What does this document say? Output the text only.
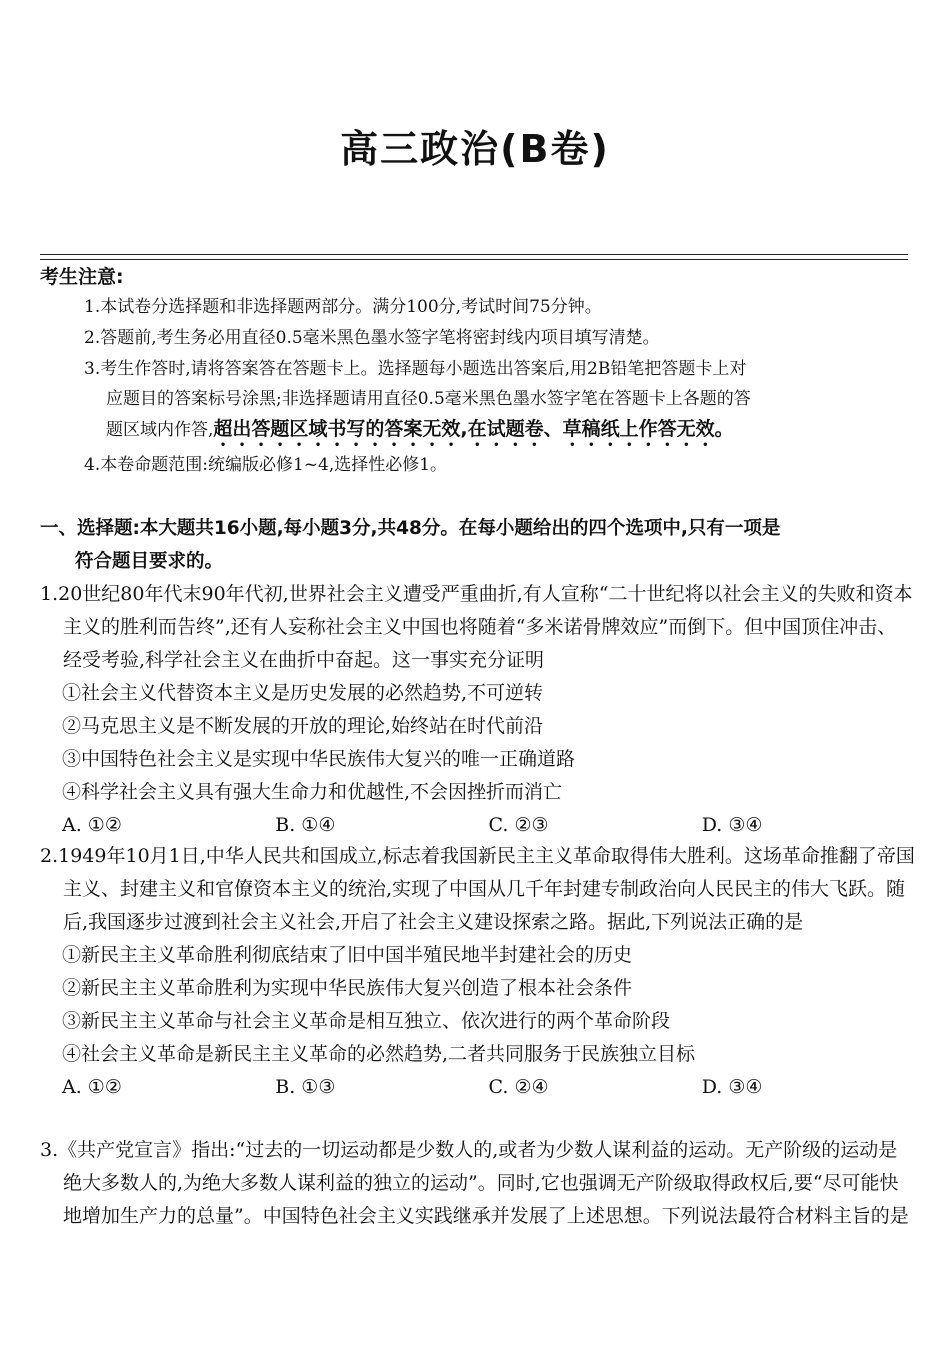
高三政治(B卷)
考生注意:
1.本试卷分选择题和非选择题两部分。满分100分,考试时间75分钟。
2.答题前,考生务必用直径0.5毫米黑色墨水签字笔将密封线内项目填写清楚。
3.考生作答时,请将答案答在答题卡上。选择题每小题选出答案后,用2B铅笔把答题卡上对
应题目的答案标号涂黑;非选择题请用直径0.5毫米黑色墨水签字笔在答题卡上各题的答
题区域内作答,超出答题区域书写的答案无效,在试题卷、草稿纸上作答无效。
4.本卷命题范围:统编版必修1~4,选择性必修1。
一、选择题:本大题共16小题,每小题3分,共48分。在每小题给出的四个选项中,只有一项是
符合题目要求的。
1.20世纪80年代末90年代初,世界社会主义遭受严重曲折,有人宣称“二十世纪将以社会主义的失败和资本主义的胜利而告终”,还有人妄称社会主义中国也将随着“多米诺骨牌效应”而倒下。但中国顶住冲击、经受考验,科学社会主义在曲折中奋起。这一事实充分证明
①社会主义代替资本主义是历史发展的必然趋势,不可逆转
②马克思主义是不断发展的开放的理论,始终站在时代前沿
③中国特色社会主义是实现中华民族伟大复兴的唯一正确道路
④科学社会主义具有强大生命力和优越性,不会因挫折而消亡
A. ①②	B. ①④	C. ②③	D. ③④
2.1949年10月1日,中华人民共和国成立,标志着我国新民主主义革命取得伟大胜利。这场革命推翻了帝国主义、封建主义和官僚资本主义的统治,实现了中国从几千年封建专制政治向人民民主的伟大飞跃。随后,我国逐步过渡到社会主义社会,开启了社会主义建设探索之路。据此,下列说法正确的是
①新民主主义革命胜利彻底结束了旧中国半殖民地半封建社会的历史
②新民主主义革命胜利为实现中华民族伟大复兴创造了根本社会条件
③新民主主义革命与社会主义革命是相互独立、依次进行的两个革命阶段
④社会主义革命是新民主主义革命的必然趋势,二者共同服务于民族独立目标
A. ①②	B. ①③	C. ②④	D. ③④
3.《共产党宣言》指出:“过去的一切运动都是少数人的,或者为少数人谋利益的运动。无产阶级的运动是绝大多数人的,为绝大多数人谋利益的独立的运动”。同时,它也强调无产阶级取得政权后,要“尽可能快地增加生产力的总量”。中国特色社会主义实践继承并发展了上述思想。下列说法最符合材料主旨的是
